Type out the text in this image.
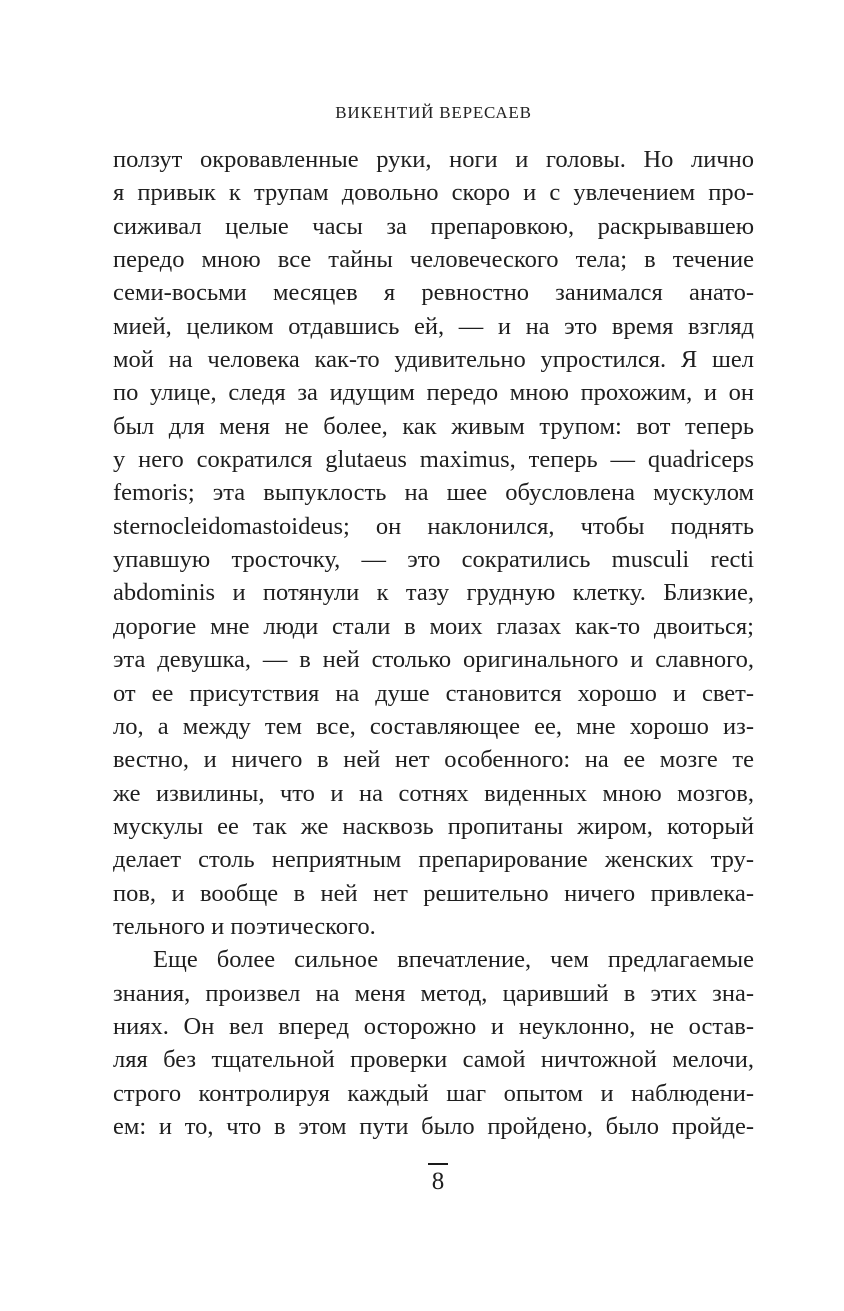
ВИКЕНТИЙ ВЕРЕСАЕВ
ползут окровавленные руки, ноги и головы. Но лично
я привык к трупам довольно скоро и с увлечением про-
сиживал целые часы за препаровкою, раскрывавшею
передо мною все тайны человеческого тела; в течение
семи-восьми месяцев я ревностно занимался анато-
мией, целиком отдавшись ей, — и на это время взгляд
мой на человека как-то удивительно упростился. Я шел
по улице, следя за идущим передо мною прохожим, и он
был для меня не более, как живым трупом: вот теперь
у него сократился glutaeus maximus, теперь — quadriceps
femoris; эта выпуклость на шее обусловлена мускулом
sternocleidomastoideus; он наклонился, чтобы поднять
упавшую тросточку, — это сократились musculi recti
abdominis и потянули к тазу грудную клетку. Близкие,
дорогие мне люди стали в моих глазах как-то двоиться;
эта девушка, — в ней столько оригинального и славного,
от ее присутствия на душе становится хорошо и свет-
ло, а между тем все, составляющее ее, мне хорошо из-
вестно, и ничего в ней нет особенного: на ее мозге те
же извилины, что и на сотнях виденных мною мозгов,
мускулы ее так же насквозь пропитаны жиром, который
делает столь неприятным препарирование женских тру-
пов, и вообще в ней нет решительно ничего привлека-
тельного и поэтического.
Еще более сильное впечатление, чем предлагаемые
знания, произвел на меня метод, царивший в этих зна-
ниях. Он вел вперед осторожно и неуклонно, не остав-
ляя без тщательной проверки самой ничтожной мелочи,
строго контролируя каждый шаг опытом и наблюдени-
ем: и то, что в этом пути было пройдено, было пройде-
8
